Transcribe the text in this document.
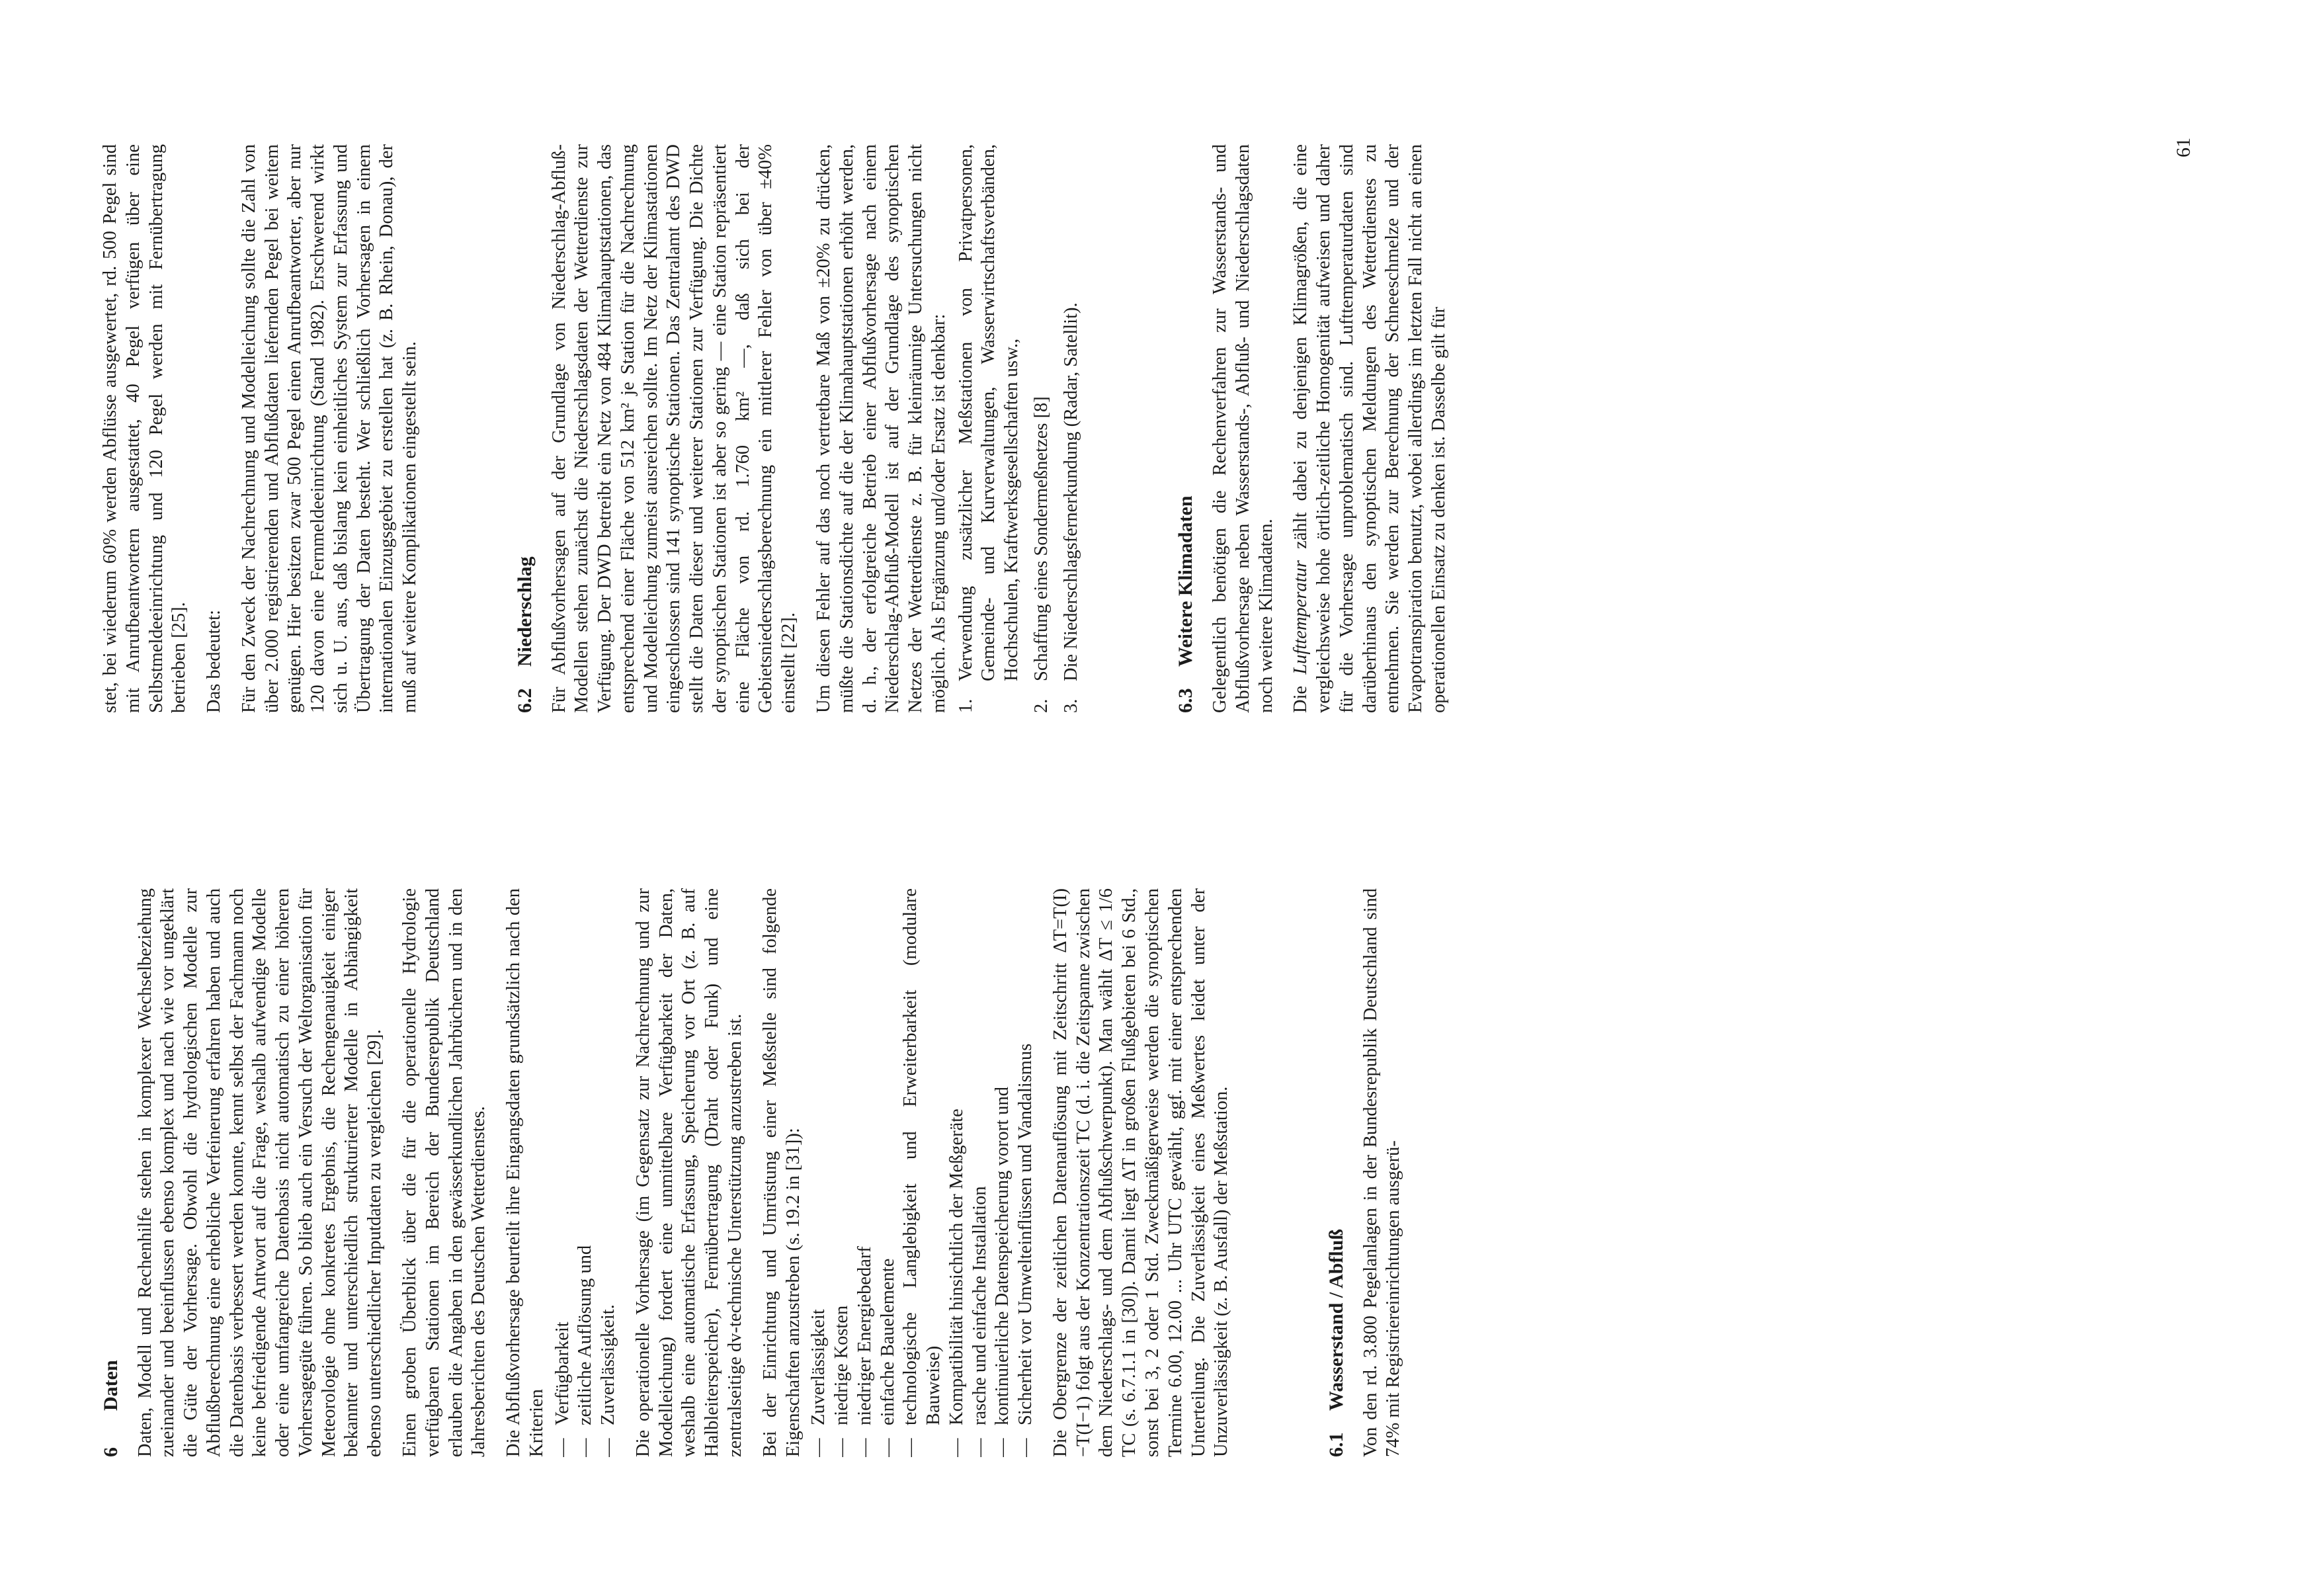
6Daten Daten, Modell und Rechenhilfe stehen in komplexer Wechselbeziehung zueinander und beeinflussen ebenso komplex und nach wie vor ungeklärt die Güte der Vorhersage. Obwohl die hydrologischen Modelle zur Abflußberechnung eine erhebliche Verfeinerung erfahren haben und auch die Datenbasis verbessert werden konnte, kennt selbst der Fachmann noch keine befriedigende Antwort auf die Frage, weshalb aufwendige Modelle oder eine umfangreiche Datenbasis nicht automatisch zu einer höheren Vorhersagegüte führen. So blieb auch ein Versuch der Weltorganisation für Meteorologie ohne konkretes Ergebnis, die Rechengenauigkeit einiger bekannter und unterschiedlich strukturierter Modelle in Abhängigkeit ebenso unterschiedlicher Inputdaten zu vergleichen [29]. Einen groben Überblick über die für die operationelle Hydrologie verfügbaren Stationen im Bereich der Bundesrepublik Deutschland erlauben die Angaben in den gewässerkundlichen Jahrbüchern und in den Jahresberichten des Deutschen Wetterdienstes. Die Abflußvorhersage beurteilt ihre Eingangsdaten grundsätzlich nach den Kriterien — Verfügbarkeit — zeitliche Auflösung und — Zuverlässigkeit. Die operationelle Vorhersage (im Gegensatz zur Nachrechnung und zur Modelleichung) fordert eine unmittelbare Verfügbarkeit der Daten, weshalb eine automatische Erfassung, Speicherung vor Ort (z. B. auf Halbleiterspeicher), Fernübertragung (Draht oder Funk) und eine zentralseitige dv-technische Unterstützung anzustreben ist. Bei der Einrichtung und Umrüstung einer Meßstelle sind folgende Eigenschaften anzustreben (s. 19.2 in [31]): — Zuverlässigkeit — niedrige Kosten — niedriger Energiebedarf — einfache Bauelemente — technologische Langlebigkeit und Erweiterbarkeit (modulare Bauweise) — Kompatibilität hinsichtlich der Meßgeräte — rasche und einfache Installation — kontinuierliche Datenspeicherung vorort und — Sicherheit vor Umwelteinflüssen und Vandalismus Die Obergrenze der zeitlichen Datenauflösung mit Zeitschritt ΔT=T(I)−T(I−1) folgt aus der Konzentrationszeit TC (d. i. die Zeitspanne zwischen dem Niederschlags- und dem Abflußschwerpunkt). Man wählt ΔT ≤ 1/6 TC (s. 6.7.1.1 in [30]). Damit liegt ΔT in großen Flußgebieten bei 6 Std., sonst bei 3, 2 oder 1 Std. Zweckmäßigerweise werden die synoptischen Termine 6.00, 12.00 ... Uhr UTC gewählt, ggf. mit einer entsprechenden Unterteilung. Die Zuverlässigkeit eines Meßwertes leidet unter der Unzuverlässigkeit (z. B. Ausfall) der Meßstation.	6.1Wasserstand / Abfluß Von den rd. 3.800 Pegelanlagen in der Bundesrepublik Deutschland sind 74% mit Registriereinrichtungen ausgerü-

stet, bei wiederum 60% werden Abflüsse ausgewertet, rd. 500 Pegel sind mit Anrufbeantwortern ausgestattet, 40 Pegel verfügen über eine Selbstmeldeeinrichtung und 120 Pegel werden mit Fernübertragung betrieben [25]. Das bedeutet: Für den Zweck der Nachrechnung und Modelleichung sollte die Zahl von über 2.000 registrierenden und Abflußdaten liefernden Pegel bei weitem genügen. Hier besitzen zwar 500 Pegel einen Anrufbeantworter, aber nur 120 davon eine Fernmeldeeinrichtung (Stand 1982). Erschwerend wirkt sich u. U. aus, daß bislang kein einheitliches System zur Erfassung und Übertragung der Daten besteht. Wer schließlich Vorhersagen in einem internationalen Einzugsgebiet zu erstellen hat (z. B. Rhein, Donau), der muß auf weitere Komplikationen eingestellt sein.	6.2Niederschlag Für Abflußvorhersagen auf der Grundlage von Niederschlag-Abfluß-Modellen stehen zunächst die Niederschlagsdaten der Wetterdienste zur Verfügung. Der DWD betreibt ein Netz von 484 Klimahauptstationen, das entsprechend einer Fläche von 512 km² je Station für die Nachrechnung und Modelleichung zumeist ausreichen sollte. Im Netz der Klimastationen eingeschlossen sind 141 synoptische Stationen. Das Zentralamt des DWD stellt die Daten dieser und weiterer Stationen zur Verfügung. Die Dichte der synoptischen Stationen ist aber so gering — eine Station repräsentiert eine Fläche von rd. 1.760 km² —, daß sich bei der Gebietsniederschlagsberechnung ein mittlerer Fehler von über ±40% einstellt [22]. Um diesen Fehler auf das noch vertretbare Maß von ±20% zu drücken, müßte die Stationsdichte auf die der Klimahauptstationen erhöht werden, d. h., der erfolgreiche Betrieb einer Abflußvorhersage nach einem Niederschlag-Abfluß-Modell ist auf der Grundlage des synoptischen Netzes der Wetterdienste z. B. für kleinräumige Untersuchungen nicht möglich. Als Ergänzung und/oder Ersatz ist denkbar: 1.
Verwendung zusätzlicher Meßstationen von Privatpersonen, Gemeinde- und Kurverwaltungen, Wasserwirtschaftsverbänden, Hochschulen, Kraftwerksgesellschaften usw.,
2.
Schaffung eines Sondermeßnetzes [8]
3.
Die Niederschlagsfernerkundung (Radar, Satellit).
6.3Weitere Klimadaten Gelegentlich benötigen die Rechenverfahren zur Wasserstands- und Abflußvorhersage neben Wasserstands-, Abfluß- und Niederschlagsdaten noch weitere Klimadaten. Die Lufttemperatur zählt dabei zu denjenigen Klimagrößen, die eine vergleichsweise hohe örtlich-zeitliche Homogenität aufweisen und daher für die Vorhersage unproblematisch sind. Lufttemperaturdaten sind darüberhinaus den synoptischen Meldungen des Wetterdienstes zu entnehmen. Sie werden zur Berechnung der Schneeschmelze und der Evapotranspiration benutzt, wobei allerdings im letzten Fall nicht an einen operationellen Einsatz zu denken ist. Dasselbe gilt für

61
